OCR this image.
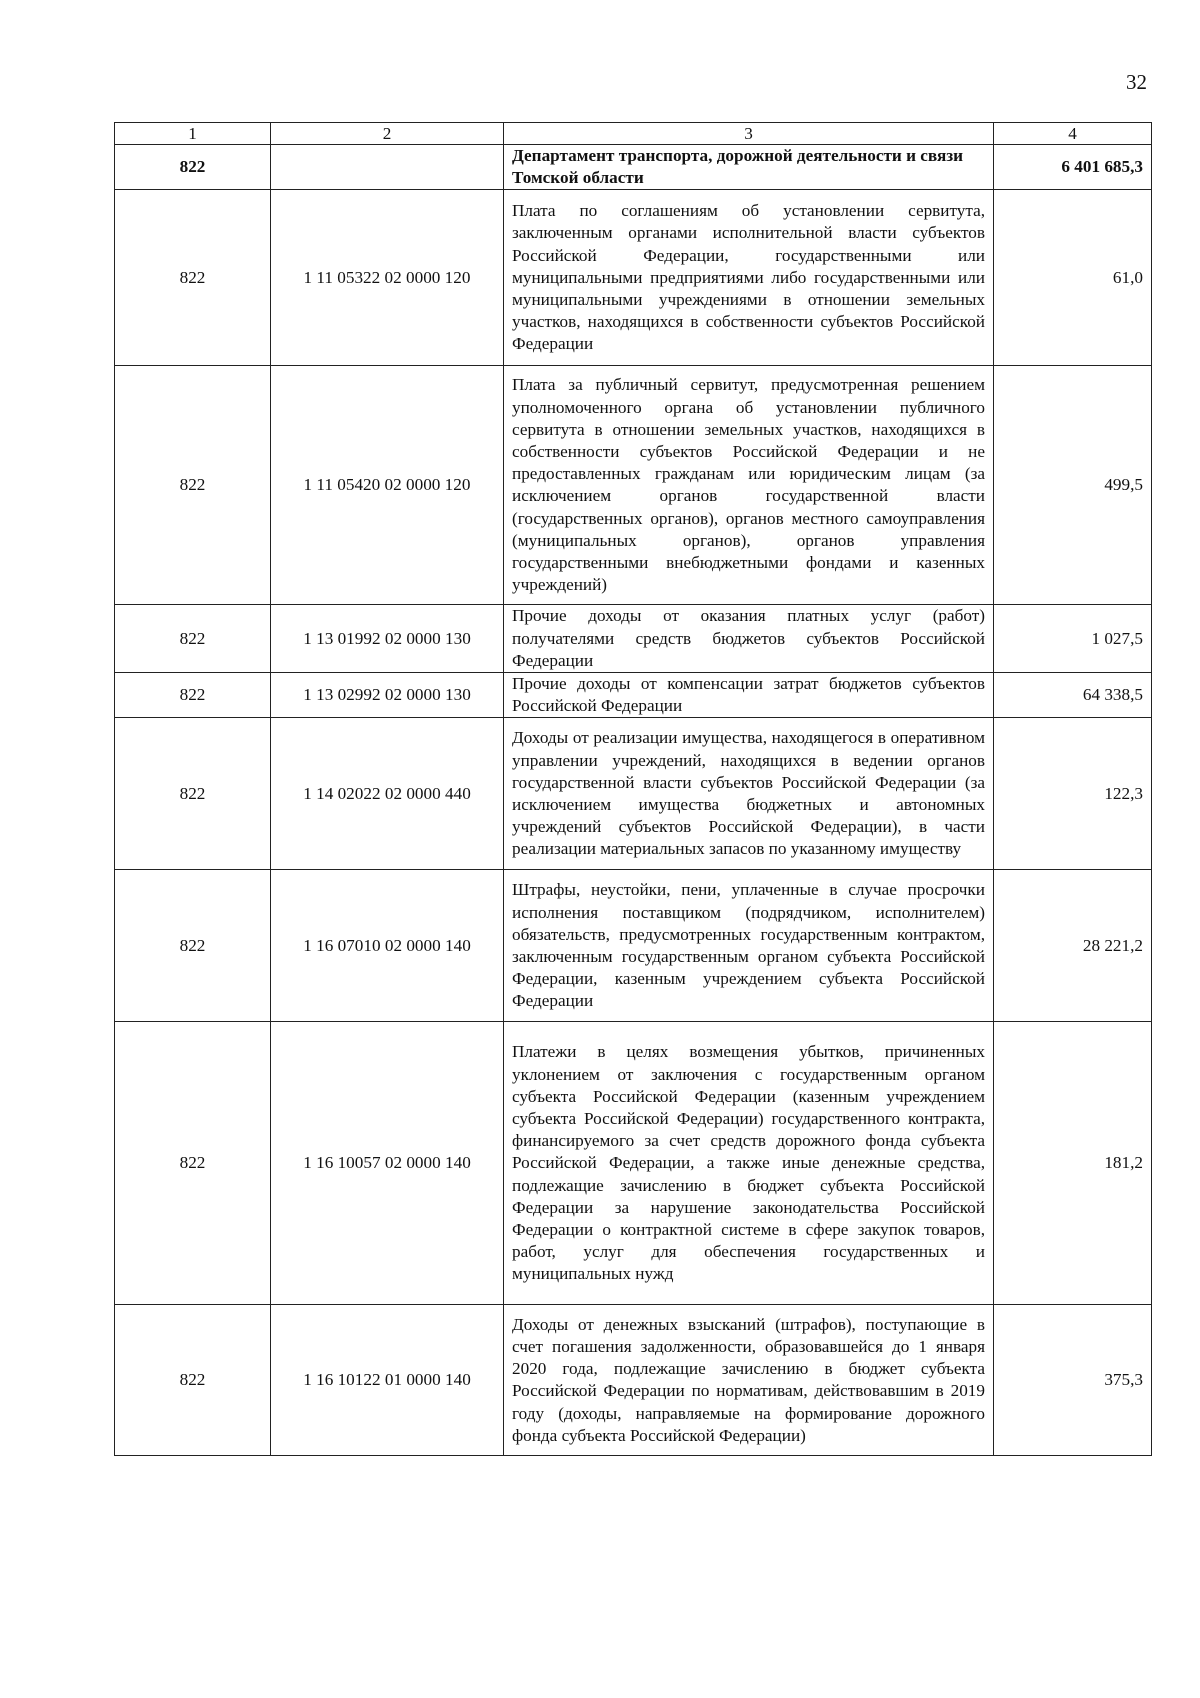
32
1	2	3	4
822		Департамент транспорта, дорожной деятельности и связи Томской области	6 401 685,3
822	1 11 05322 02 0000 120	Плата по соглашениям об установлении сервитута, заключенным органами исполнительной власти субъектов Российской Федерации, государственными или муниципальными предприятиями либо государственными или муниципальными учреждениями в отношении земельных участков, находящихся в собственности субъектов Российской Федерации	61,0
822	1 11 05420 02 0000 120	Плата за публичный сервитут, предусмотренная решением уполномоченного органа об установлении публичного сервитута в отношении земельных участков, находящихся в собственности субъектов Российской Федерации и не предоставленных гражданам или юридическим лицам (за исключением органов государственной власти (государственных органов), органов местного самоуправления (муниципальных органов), органов управления государственными внебюджетными фондами и казенных учреждений)	499,5
822	1 13 01992 02 0000 130	Прочие доходы от оказания платных услуг (работ) получателями средств бюджетов субъектов Российской Федерации	1 027,5
822	1 13 02992 02 0000 130	Прочие доходы от компенсации затрат бюджетов субъектов Российской Федерации	64 338,5
822	1 14 02022 02 0000 440	Доходы от реализации имущества, находящегося в оперативном управлении учреждений, находящихся в ведении органов государственной власти субъектов Российской Федерации (за исключением имущества бюджетных и автономных учреждений субъектов Российской Федерации), в части реализации материальных запасов по указанному имуществу	122,3
822	1 16 07010 02 0000 140	Штрафы, неустойки, пени, уплаченные в случае просрочки исполнения поставщиком (подрядчиком, исполнителем) обязательств, предусмотренных государственным контрактом, заключенным государственным органом субъекта Российской Федерации, казенным учреждением субъекта Российской Федерации	28 221,2
822	1 16 10057 02 0000 140	Платежи в целях возмещения убытков, причиненных уклонением от заключения с государственным органом субъекта Российской Федерации (казенным учреждением субъекта Российской Федерации) государственного контракта, финансируемого за счет средств дорожного фонда субъекта Российской Федерации, а также иные денежные средства, подлежащие зачислению в бюджет субъекта Российской Федерации за нарушение законодательства Российской Федерации о контрактной системе в сфере закупок товаров, работ, услуг для обеспечения государственных и муниципальных нужд	181,2
822	1 16 10122 01 0000 140	Доходы от денежных взысканий (штрафов), поступающие в счет погашения задолженности, образовавшейся до 1 января 2020 года, подлежащие зачислению в бюджет субъекта Российской Федерации по нормативам, действовавшим в 2019 году (доходы, направляемые на формирование дорожного фонда субъекта Российской Федерации)	375,3
